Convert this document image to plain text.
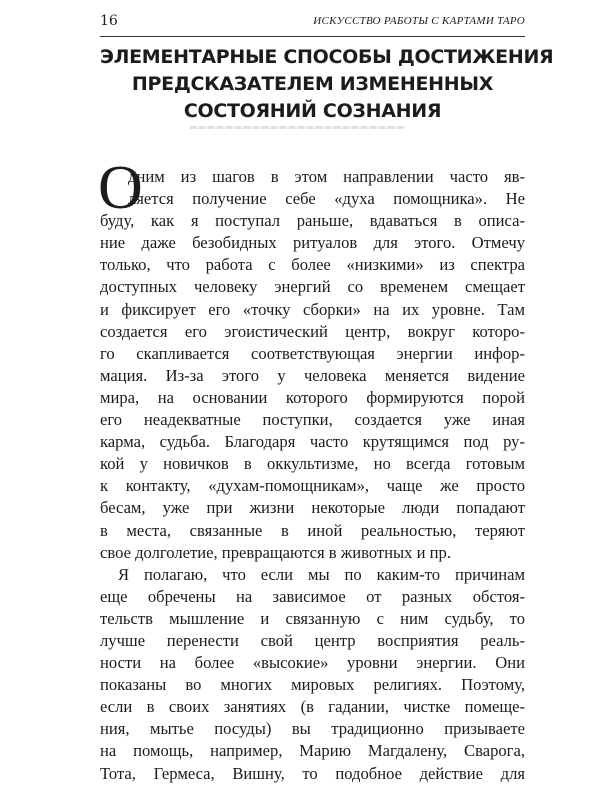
16	ИСКУССТВО РАБОТЫ С КАРТАМИ ТАРО
ЭЛЕМЕНТАРНЫЕ СПОСОБЫ ДОСТИЖЕНИЯ
ПРЕДСКАЗАТЕЛЕМ ИЗМЕНЕННЫХ
СОСТОЯНИЙ СОЗНАНИЯ
О
дним из шагов в этом направлении часто яв-
ляется получение себе «духа помощника». Не
буду, как я поступал раньше, вдаваться в описа-
ние даже безобидных ритуалов для этого. Отмечу
только, что работа с более «низкими» из спектра
доступных человеку энергий со временем смещает
и фиксирует его «точку сборки» на их уровне. Там
создается его эгоистический центр, вокруг которо-
го скапливается соответствующая энергии инфор-
мация. Из-за этого у человека меняется видение
мира, на основании которого формируются порой
его неадекватные поступки, создается уже иная
карма, судьба. Благодаря часто крутящимся под ру-
кой у новичков в оккультизме, но всегда готовым
к контакту, «духам-помощникам», чаще же просто
бесам, уже при жизни некоторые люди попадают
в места, связанные в иной реальностью, теряют
свое долголетие, превращаются в животных и пр.
Я полагаю, что если мы по каким-то причинам
еще обречены на зависимое от разных обстоя-
тельств мышление и связанную с ним судьбу, то
лучше перенести свой центр восприятия реаль-
ности на более «высокие» уровни энергии. Они
показаны во многих мировых религиях. Поэтому,
если в своих занятиях (в гадании, чистке помеще-
ния, мытье посуды) вы традиционно призываете
на помощь, например, Марию Магдалену, Сварога,
Тота, Гермеса, Вишну, то подобное действие для
